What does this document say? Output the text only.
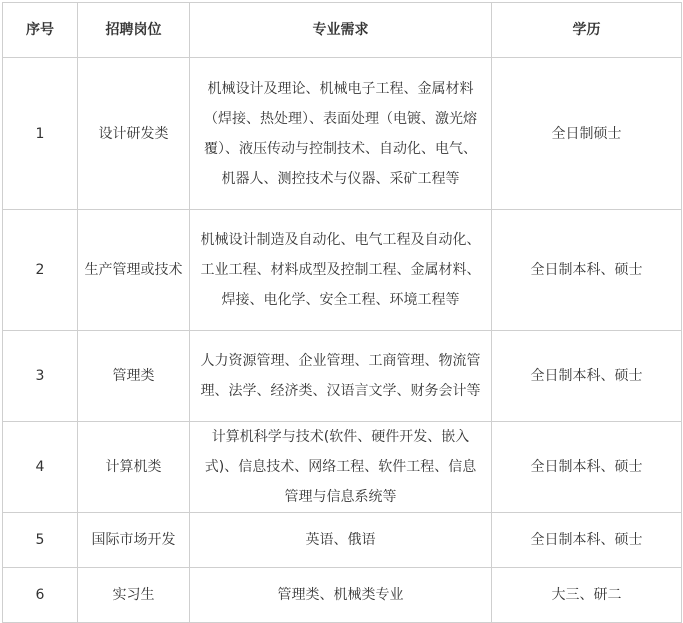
序号	招聘岗位	专业需求	学历
1	设计研发类	机械设计及理论、机械电子工程、金属材料（焊接、热处理）、表面处理（电镀、激光熔覆）、液压传动与控制技术、自动化、电气、机器人、测控技术与仪器、采矿工程等	全日制硕士
2	生产管理或技术	机械设计制造及自动化、电气工程及自动化、工业工程、材料成型及控制工程、金属材料、焊接、电化学、安全工程、环境工程等	全日制本科、硕士
3	管理类	人力资源管理、企业管理、工商管理、物流管理、法学、经济类、汉语言文学、财务会计等	全日制本科、硕士
4	计算机类	计算机科学与技术(软件、硬件开发、嵌入式)、信息技术、网络工程、软件工程、信息管理与信息系统等	全日制本科、硕士
5	国际市场开发	英语、俄语	全日制本科、硕士
6	实习生	管理类、机械类专业	大三、研二
